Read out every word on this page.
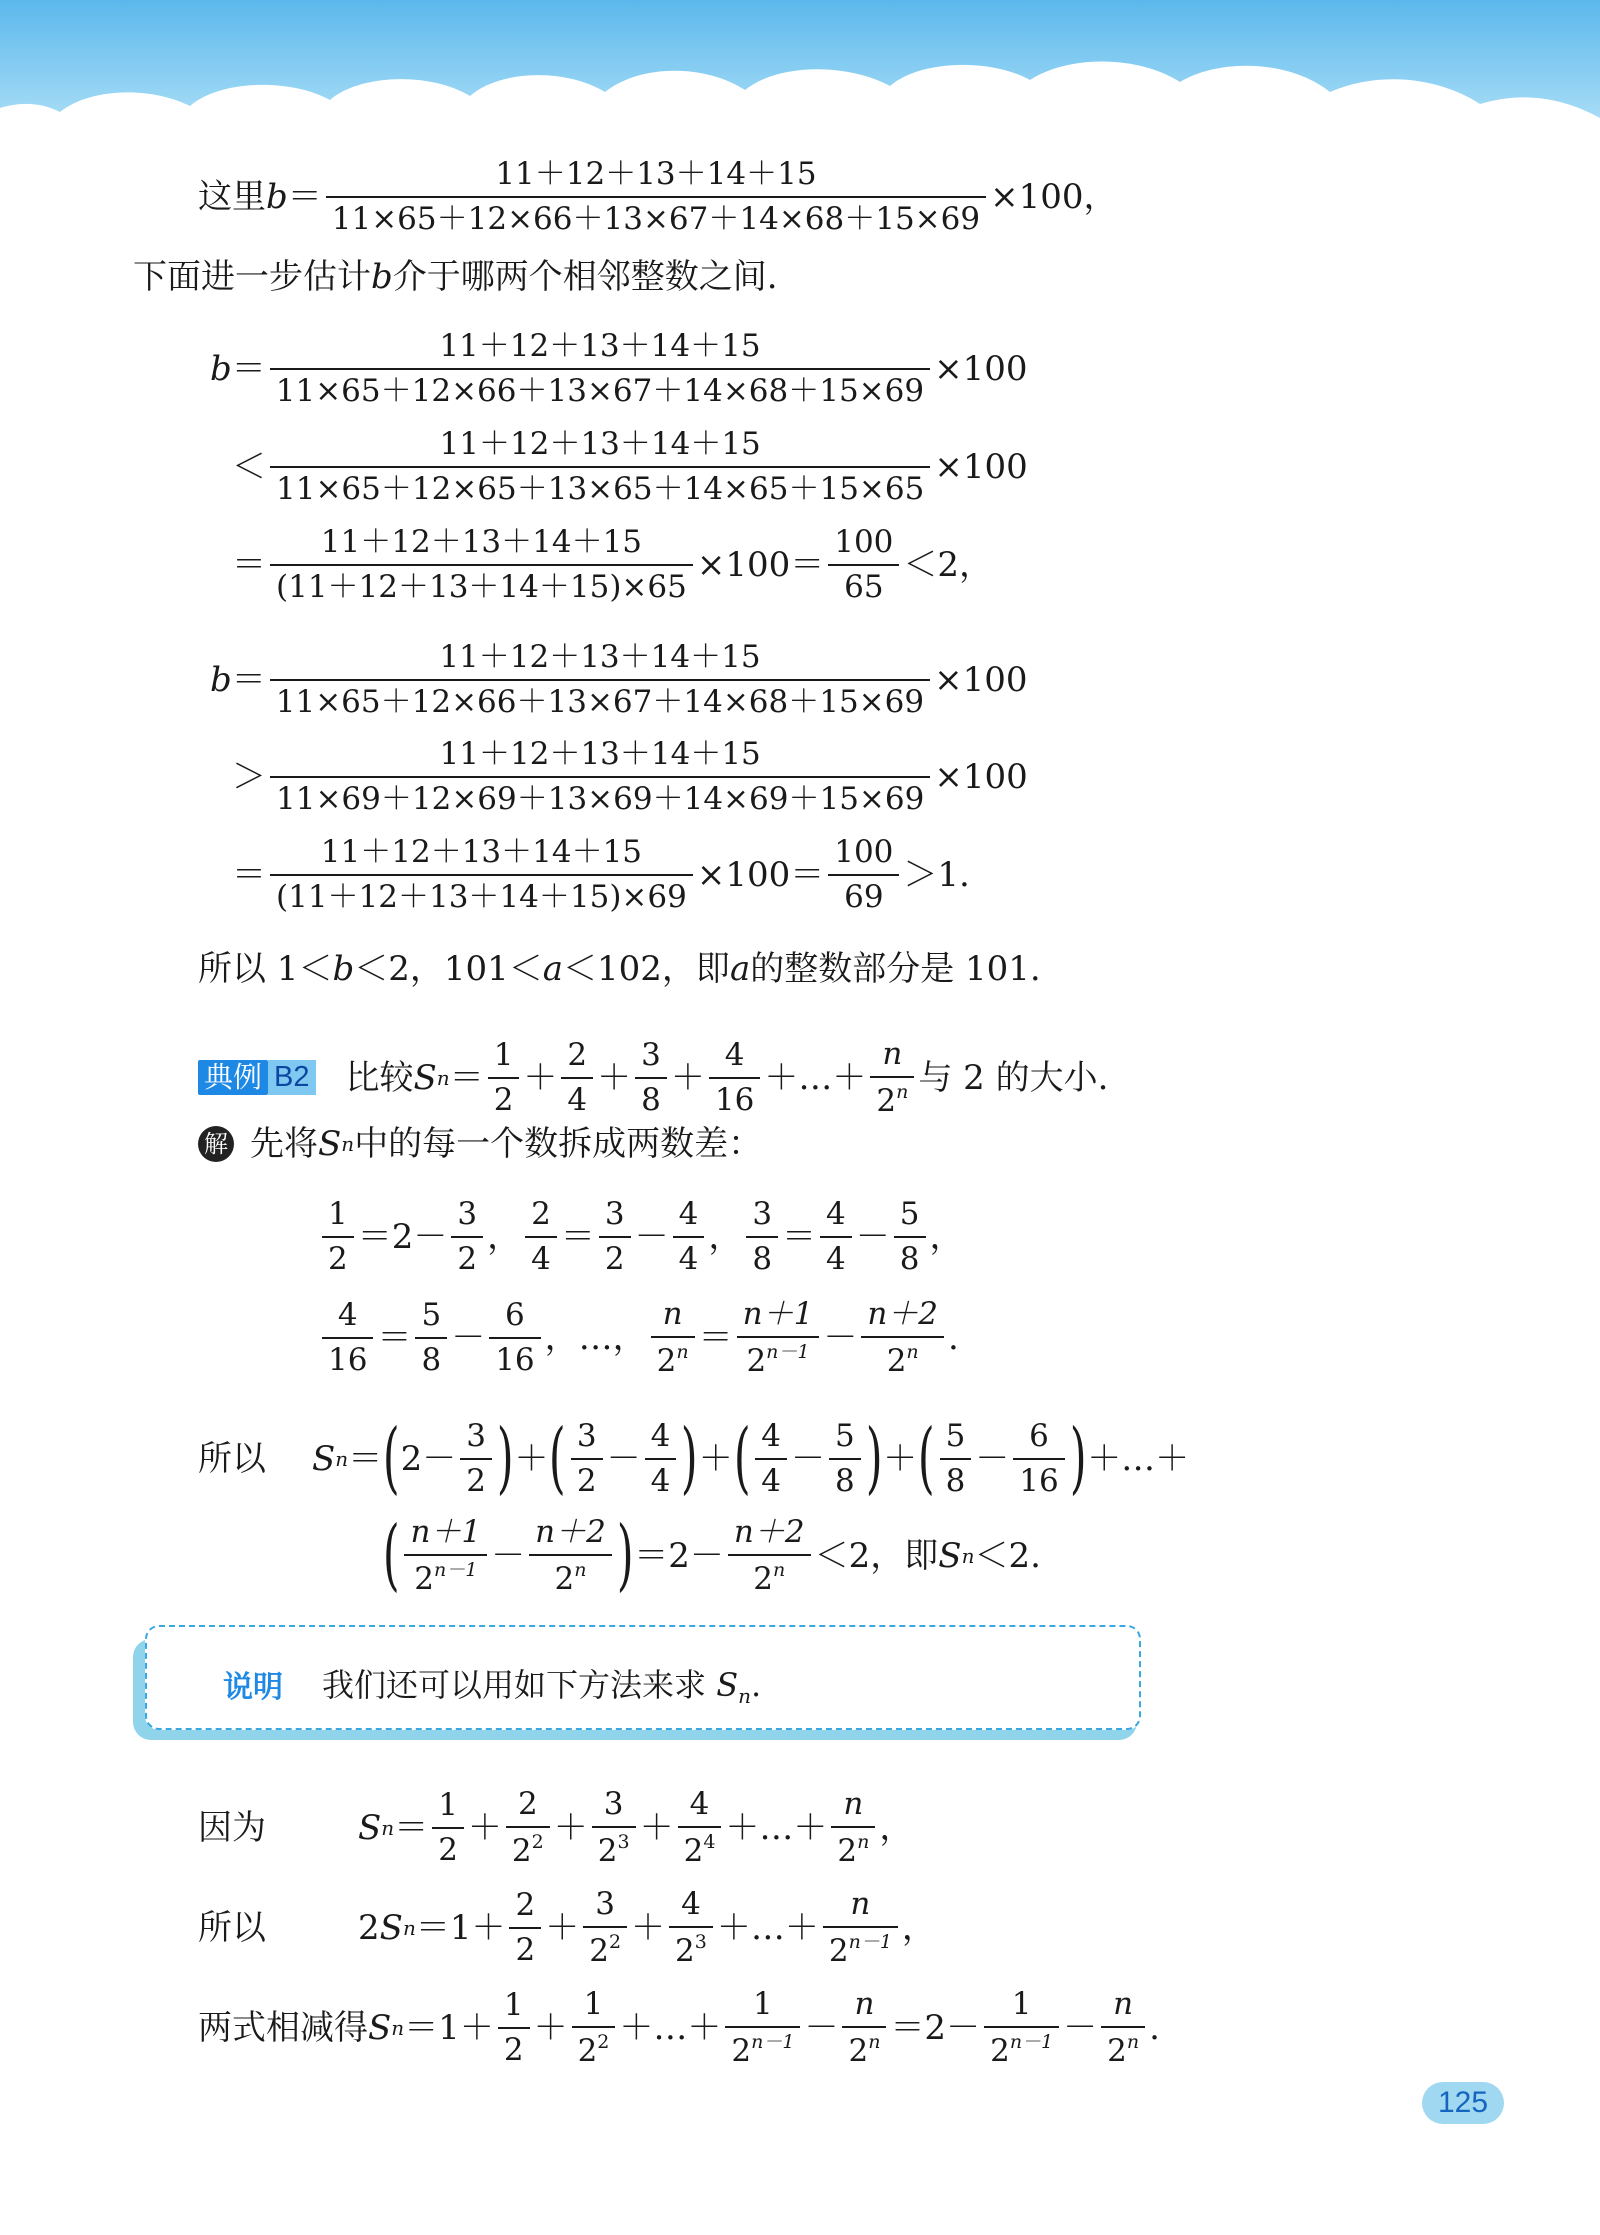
这里 $b = \frac{11+12+13+14+15}{11\times 65+12\times 66+13\times 67+14\times 68+15\times 69} \times 100$，
下面进一步估计 b 介于哪两个相邻整数之间.
$b = \frac{11+12+13+14+15}{11\times 65+12\times 66+13\times 67+14\times 68+15\times 69} \times 100$
＜ $\frac{11+12+13+14+15}{11\times 65+12\times 65+13\times 65+14\times 65+15\times 65} \times 100$
＝ $\frac{11+12+13+14+15}{(11+12+13+14+15)\times 65} \times 100= \frac{100}{65} <2$，
$b = \frac{11+12+13+14+15}{11\times 65+12\times 66+13\times 67+14\times 68+15\times 69} \times 100$
＞ $\frac{11+12+13+14+15}{11\times 69+12\times 69+13\times 69+14\times 69+15\times 69} \times 100$
＝ $\frac{11+12+13+14+15}{(11+12+13+14+15)\times 69} \times 100= \frac{100}{69} >1$.
所以 1＜ b ＜2，101＜ a ＜102，即 a 的整数部分是 101.
典例 B2 比较 S $n = \frac{1}{2} + \frac{2}{4} + \frac{3}{8} + \frac{4}{16}$ ＋…＋ $\frac{n}{2^n}$ 与 2 的大小.
解 先将 S n 中的每一个数拆成两数差：
$\frac{1}{2} =2- \frac{3}{2}$ ， $\frac{2}{4} = \frac{3}{2} - \frac{4}{4}$ ， $\frac{3}{8} = \frac{4}{4} - \frac{5}{8}$ ，
$\frac{4}{16} = \frac{5}{8} - \frac{6}{16}$ ，…， $\frac{n}{2^n} = \frac{n+1}{2^{n-1}} - \frac{n+2}{2^n}$ .
所以 S n ＝ ( $2- \frac{3}{2}$ ) ＋ ( $\frac{3}{2} - \frac{4}{4}$ ) ＋ ( $\frac{4}{4} - \frac{5}{8}$ ) ＋ ( $\frac{5}{8} - \frac{6}{16}$ ) ＋…＋
( $\frac{n+1}{2^{n-1}} - \frac{n+2}{2^n}$ ) $=2- \frac{n+2}{2^n} <2$，即 S n ＜2.
说明 我们还可以用如下方法来求 $S_n$.
因为	S $n = \frac{1}{2} + \frac{2}{2^2} + \frac{3}{2^3} + \frac{4}{2^4}$ ＋…＋ $\frac{n}{2^n}$ ，
所以	2 S $n =1+ \frac{2}{2} + \frac{3}{2^2} + \frac{4}{2^3}$ ＋…＋ $\frac{n}{2^{n-1}}$ ，
两式相减得 S $n =1+ \frac{1}{2} + \frac{1}{2^2}$ ＋…＋ $\frac{1}{2^{n-1}} - \frac{n}{2^n} =2- \frac{1}{2^{n-1}} - \frac{n}{2^n}$ .
125
